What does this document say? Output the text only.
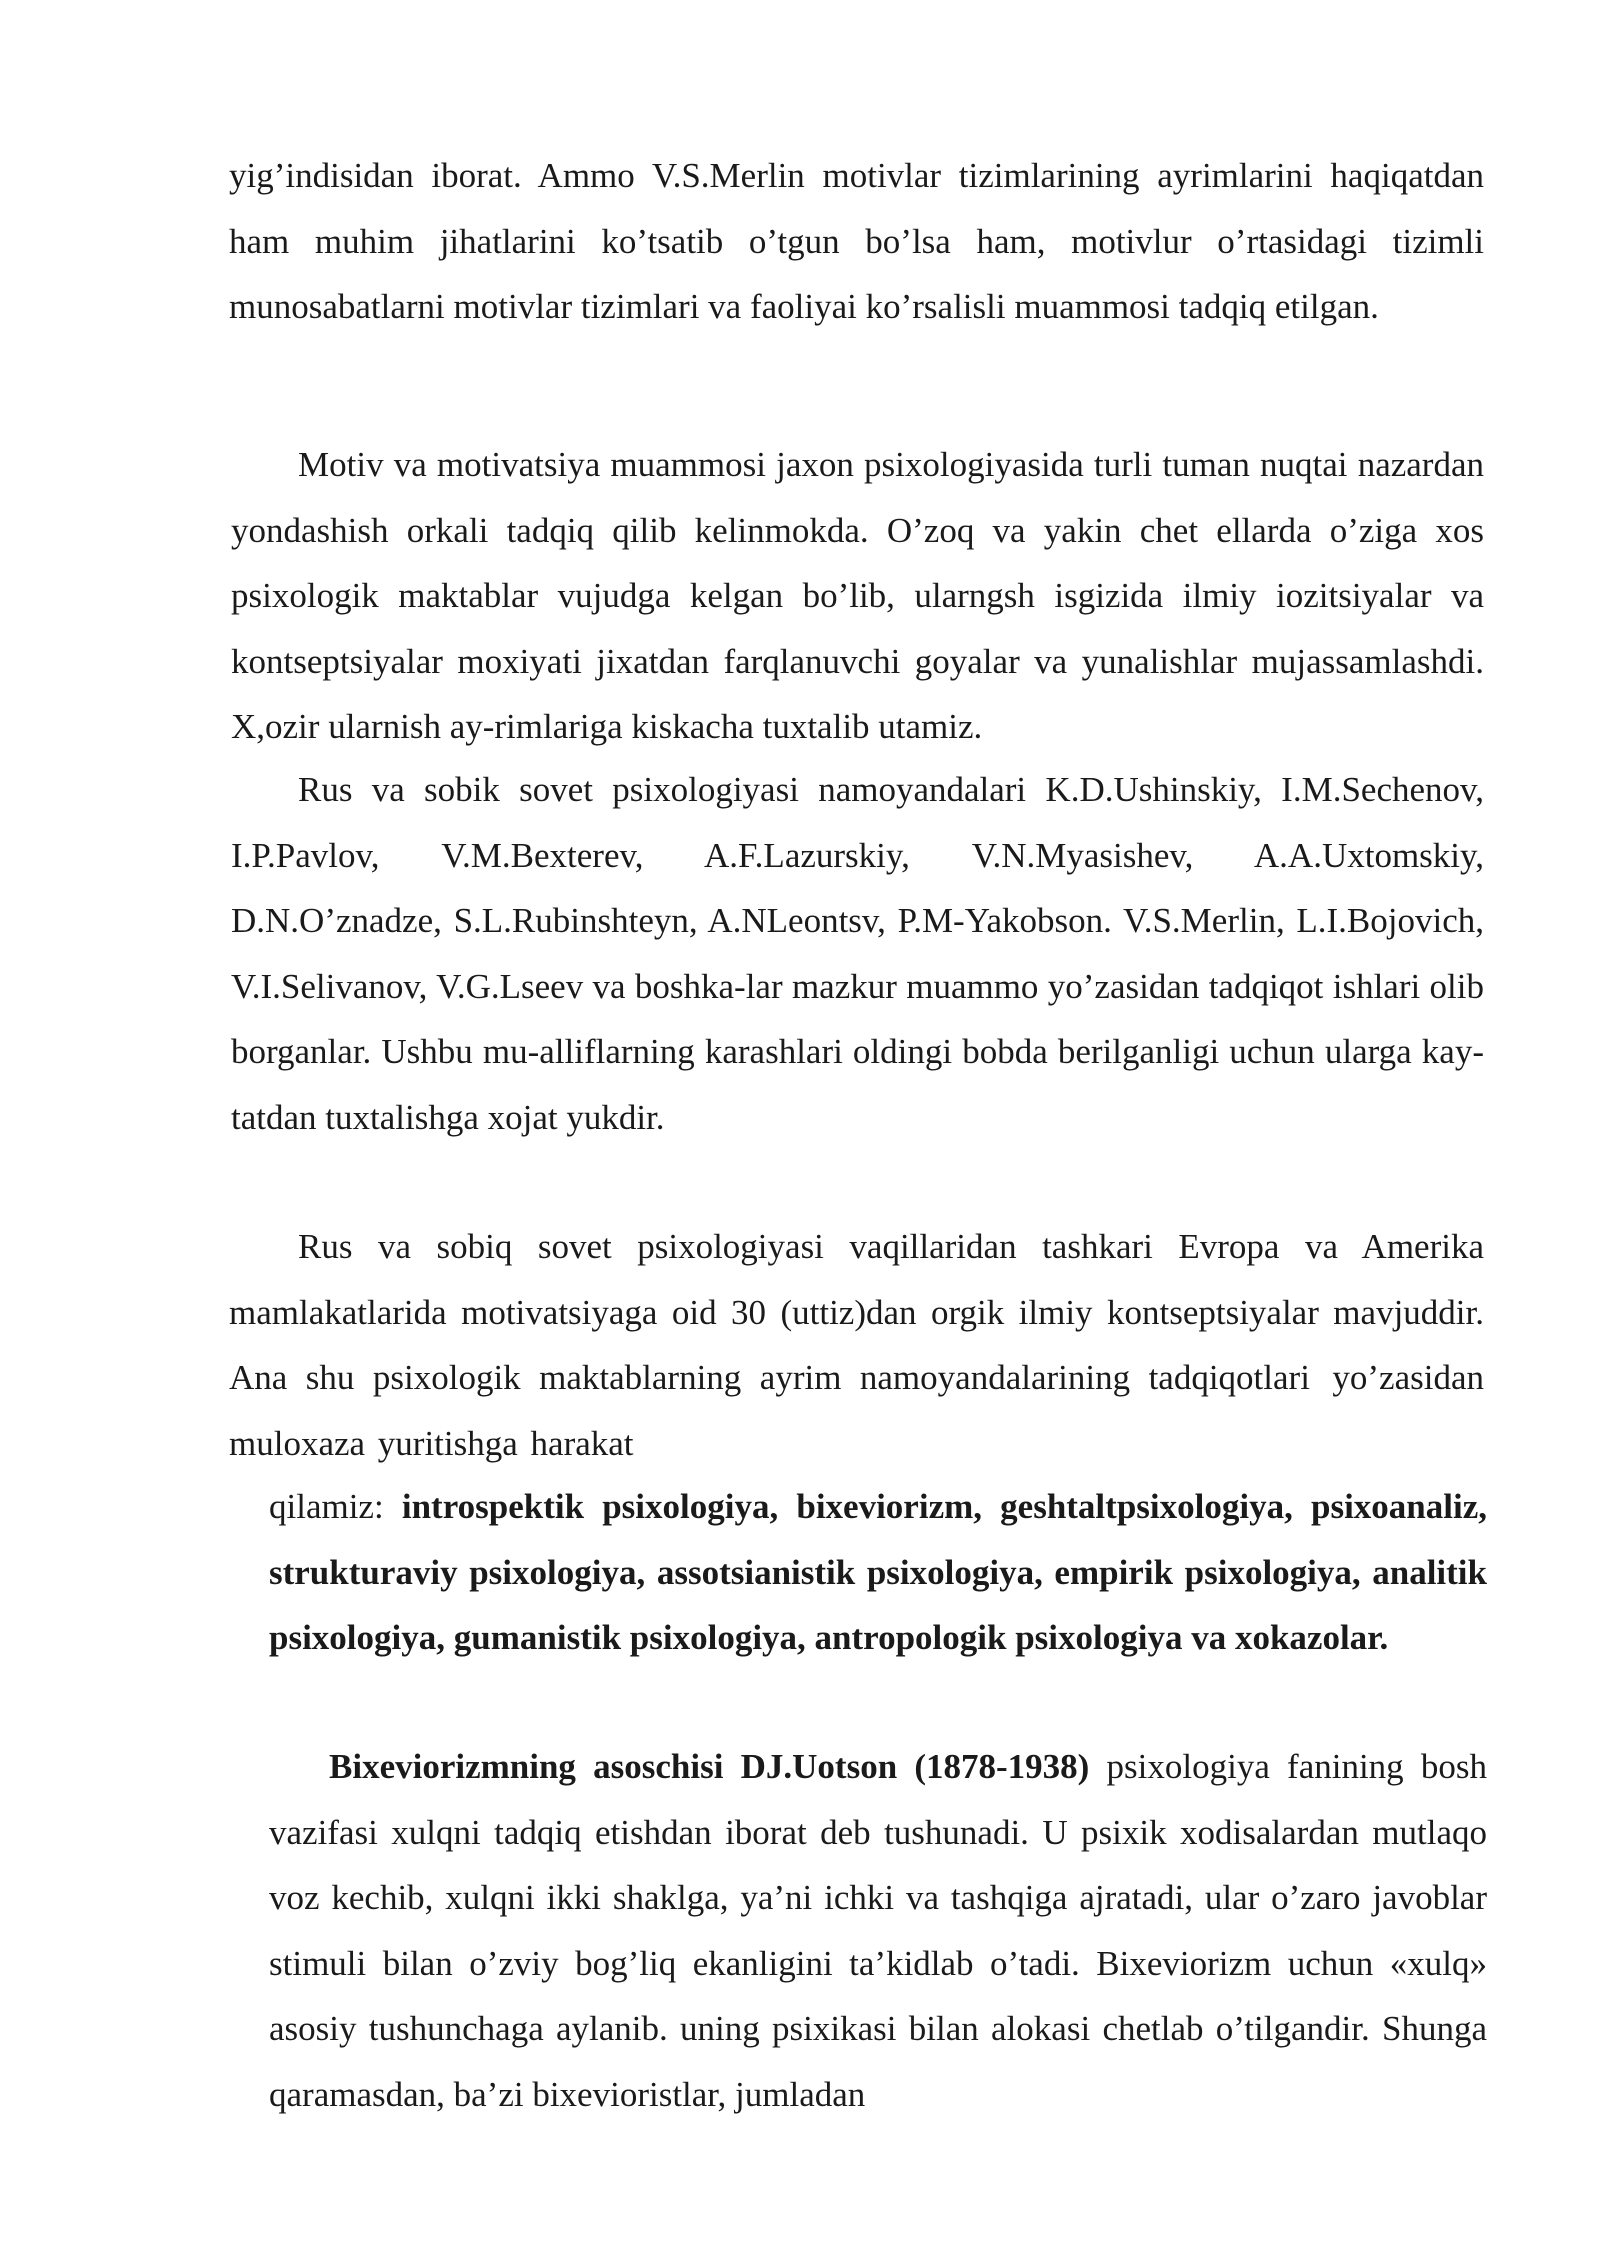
yig’indisidan iborat. Ammo V.S.Merlin motivlar tizimlarining ayrimlarini haqiqatdan ham muhim jihatlarini ko’tsatib o’tgun bo’lsa ham, motivlur o’rtasidagi tizimli munosabatlarni motivlar tizimlari va faoliyai ko’rsalisli muammosi tadqiq etilgan.

Motiv va motivatsiya muammosi jaxon psixologiyasida turli tuman nuqtai nazardan yondashish orkali tadqiq qilib kelinmokda. O’zoq va yakin chet ellarda o’ziga xos psixologik maktablar vujudga kelgan bo’lib, ularngsh isgizida ilmiy iozitsiyalar va kontseptsiyalar moxiyati jixatdan farqlanuvchi goyalar va yunalishlar mujassamlashdi. X,ozir ularnish ay-rimlariga kiskacha tuxtalib utamiz.

Rus va sobik sovet psixologiyasi namoyandalari K.D.Ushinskiy, I.M.Sechenov, I.P.Pavlov, V.M.Bexterev, A.F.Lazurskiy, V.N.Myasishev, A.A.Uxtomskiy, D.N.O’znadze, S.L.Rubinshteyn, A.NLeontsv, P.M-Yakobson. V.S.Merlin, L.I.Bojovich, V.I.Selivanov, V.G.Lseev va boshka-lar mazkur muammo yo’zasidan tadqiqot ishlari olib borganlar. Ushbu mu-alliflarning karashlari oldingi bobda berilganligi uchun ularga kay-tatdan tuxtalishga xojat yukdir.

Rus va sobiq sovet psixologiyasi vaqillaridan tashkari Evropa va Amerika mamlakatlarida motivatsiyaga oid 30 (uttiz)dan orgik ilmiy kontseptsiyalar mavjuddir. Ana shu psixologik maktablarning ayrim namoyandalarining tadqiqotlari yo’zasidan muloxaza yuritishga harakat

qilamiz: introspektik psixologiya, bixeviorizm, geshtaltpsixologiya, psixoanaliz, strukturaviy psixologiya, assotsianistik psixologiya, empirik psixologiya, analitik psixologiya, gumanistik psixologiya, antropologik psixologiya va xokazolar.

Bixeviorizmning asoschisi DJ.Uotson (1878-1938) psixologiya fanining bosh vazifasi xulqni tadqiq etishdan iborat deb tushunadi. U psixik xodisalardan mutlaqo voz kechib, xulqni ikki shaklga, ya’ni ichki va tashqiga ajratadi, ular o’zaro javoblar stimuli bilan o’zviy bog’liq ekanligini ta’kidlab o’tadi. Bixeviorizm uchun «xulq» asosiy tushunchaga aylanib. uning psixikasi bilan alokasi chetlab o’tilgandir. Shunga qaramasdan, ba’zi bixevioristlar, jumladan
